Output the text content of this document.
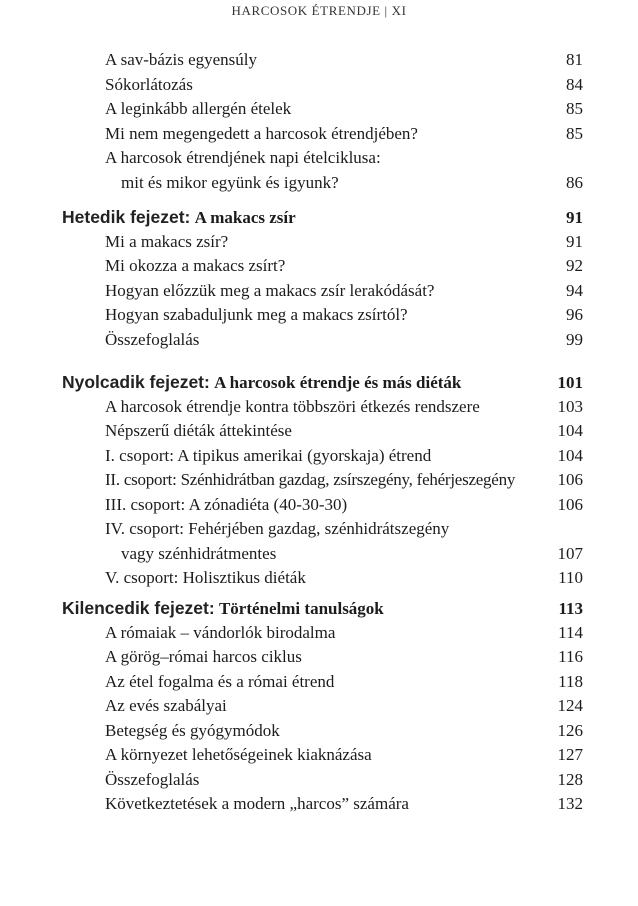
HARCOSOK ÉTRENDJE | XI
A sav-bázis egyensúly	81
Sókorlátozás	84
A leginkább allergén ételek	85
Mi nem megengedett a harcosok étrendjében?	85
A harcosok étrendjének napi ételciklusa:
mit és mikor együnk és igyunk?	86
Hetedik fejezet: A makacs zsír	91
Mi a makacs zsír?	91
Mi okozza a makacs zsírt?	92
Hogyan előzzük meg a makacs zsír lerakódását?	94
Hogyan szabaduljunk meg a makacs zsírtól?	96
Összefoglalás	99
Nyolcadik fejezet: A harcosok étrendje és más diéták	101
A harcosok étrendje kontra többszöri étkezés rendszere	103
Népszerű diéták áttekintése	104
I. csoport: A tipikus amerikai (gyorskaja) étrend	104
II. csoport: Szénhidrátban gazdag, zsírszegény, fehérjeszegény 106
III. csoport: A zónadiéta (40-30-30)	106
IV. csoport: Fehérjében gazdag, szénhidrátszegény
vagy szénhidrátmentes	107
V. csoport: Holisztikus diéták	110
Kilencedik fejezet: Történelmi tanulságok	113
A rómaiak – vándorlók birodalma	114
A görög–római harcos ciklus	116
Az étel fogalma és a római étrend	118
Az evés szabályai	124
Betegség és gyógymódok	126
A környezet lehetőségeinek kiaknázása	127
Összefoglalás	128
Következtetések a modern „harcos” számára	132
